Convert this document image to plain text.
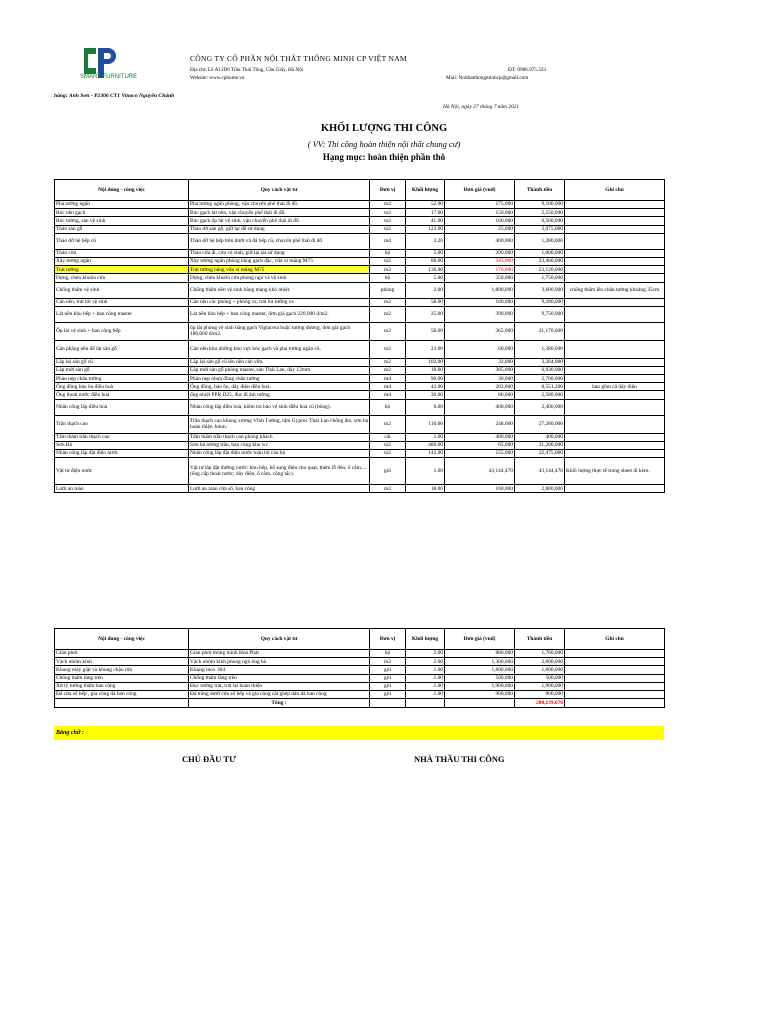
SMART FURNITURE
CÔNG TY CỔ PHẦN NỘI THẤT THÔNG MINH CP VIỆT NAM
Địa chỉ: Lô A11D6 Trần Thái Tông, Cầu Giấy, Hà Nội
Website: www.cphome.vn
ĐT: 0986.975.333
Mail: Noithatthongminhcp@gmail.com
hàng: Anh Sơn - P2306 CT1 Vinaco Nguyễn Chánh
Hà Nội, ngày 27 tháng 7 năm 2021
KHỐI LƯỢNG THI CÔNG
( VV: Thi công hoàn thiện nội thất chung cư)
Hạng mục: hoàn thiện phần thô
Nội dung - công việc	Quy cách vật tư	Đơn vị	Khối lượng	Đơn giá (vnđ)	Thành tiền	Ghi chú
Phá tường ngăn	Phá tường ngăn phòng, vận chuyển phế thải đi đổ.	m2	52.00	175,000	9,100,000	
Bóc nền gạch	Bóc gạch lát nền, vận chuyển phế thải đi đổ.	m2	17.00	150,000	2,550,000	
Bóc tường, sàn vệ sinh	Bóc gạch ốp lát vệ sinh, vận chuyển phế thải đi đổ.	m2	41.00	160,000	6,560,000	
Tháo sàn gỗ	Tháo dỡ sàn gỗ, giữ lại để sử dụng	m2	123.00	25,000	3,075,000	
Tháo dỡ hệ bếp cũ	Tháo dỡ hệ bếp trên dưới và đá bếp cũ, chuyển phế thải đi đổ	md	3.20	400,000	1,280,000	
Tháo cửa	Tháo cửa đi, cửa vệ sinh, giữ lại tái sử dụng	bộ	5.00	200,000	1,000,000	
Xây tường ngăn	Xây tường ngăn phòng bằng gạch đặc, vữa xi măng M75	m2	68.00	345,000	23,460,000	
Trát tường	Trát tường bằng vữa xi măng M75	m2	136.00	170,000	23,120,000	
Dựng, chèn khuôn cửa	Dựng, chèn khuôn cửa phòng ngủ và vệ sinh	bộ	5.00	350,000	1,750,000	
Chống thấm vệ sinh	Chống thấm nền vệ sinh bằng màng khò nhiệt.	phòng	2.00	1,800,000	3,600,000	chống thấm lên chân tường khoảng 35cm
Cán nền, trát lót vệ sinh	Cán nền các phòng + phòng vs, trát lót tường vs	m2	58.00	160,000	9,280,000	
Lát nền khu bếp + ban công master	Lát nền khu bếp + ban công master, đơn giá gạch 220,000 đ/m2.	m2	25.00	390,000	9,750,000	
Ốp lát vệ sinh + ban công bếp	ốp lát phòng vệ sinh bằng gạch Viglacera hoặc tương đương, đơn giá gạch 180,000 đ/m2.	m2	58.00	365,000	21,170,000	
Cán phẳng nền để lát sàn gỗ	Cán nền khu những khu vực bóc gạch và phá tường ngăn cũ.	m2	23.00	60,000	1,380,000	
Lắp lại sàn gỗ cũ	Lắp lại sàn gỗ cũ lên nền cán vữa.	m2	102.00	32,000	3,264,000	
Lắp mới sàn gỗ	Lắp mới sàn gỗ phòng master, sàn Thái Lan, dày 12mm	m2	18.00	385,000	6,930,000	
Phào nẹp chân tường	Phào nẹp nhựa đồng chân tường	md	90.00	30,000	2,700,000	
Ống đồng bảo ôn điều hoà	Ống đồng, bảo ôn, dây điện điều hoà.	md	42.00	203,600	8,551,200	bao gồm cả dây điện
Ống thoát nước điều hoà	ống nhiệt PPR D25, đục đi âm tường.	md	30.00	86,000	2,580,000	
Nhân công lắp điều hoà	Nhân công lắp điều hoà, kiểm tra bảo vệ sinh điều hoà cũ (bông).	bộ	6.00	400,000	2,400,000	
Trần thạch cao	Trần thạch cao khung xương Vĩnh Tường, tấm Gyproc Thái Lan chống ẩm, sơn bả hoàn thiện Jotun.	m2	110.00	248,000	27,280,000	
Tấm thăm trần thạch cao	Tấm thăm trần thạch cao phòng khách	cái	1.00	400,000	400,000	
Sơn Bả	Sơn bả tường trần, ban công kho wc	m2	480.00	65,000	31,200,000	
Nhân công lắp đặt điện nước	Nhân công lắp đặt điện nước toàn bộ căn hộ	m2	145.00	155,000	22,475,000	
Vật tư điện nước	Vật tư lắp đặt đường nước: khu bếp, bổ sung điện cho quạt, thêm lỗ đèn, ổ cắm.... (ống cấp thoát nước; dây điện, ổ cắm, công tắc).	gói	1.00	43,144,470	43,144,470	Khối lượng thực tế trong sheet đi kèm.
Lưới an toàn	Lưới an toàn cửa sổ, ban công	m2	18.00	160,000	2,880,000	
Nội dung - công việc	Quy cách vật tư	Đơn vị	Khối lượng	Đơn giá (vnđ)	Thành tiền	Ghi chú
Giàn phơi	Giàn phơi thông minh Hoà Phát	bộ	2.00	880,000	1,760,000	
Vách nhôm kính	Vách nhôm kính phòng ngủ ông bà	m2	2.00	1,300,000	2,600,000	
Khung máy giặt và khung chậu rửa	Khung inox 304	gói	1.00	1,600,000	1,600,000	
Chống thấm tầng trên	Chống thấm tầng trên	gói	1.00	500,000	500,000	
Xử lý tường thấm ban công	Đục tường trát, trát lại hoàn thiện	gói	1.00	1,900,000	1,900,000	
Đá cửa sổ bếp , gia công đá ban công	Đá trắng dưới cửa sổ bếp và gia công cắt ghép dán đá ban công	gói	1.00	900,000	900,000	
	Tổng :				280,139,670	
Bằng chữ :
CHỦ ĐẦU TƯ	NHÀ THẦU THI CÔNG
